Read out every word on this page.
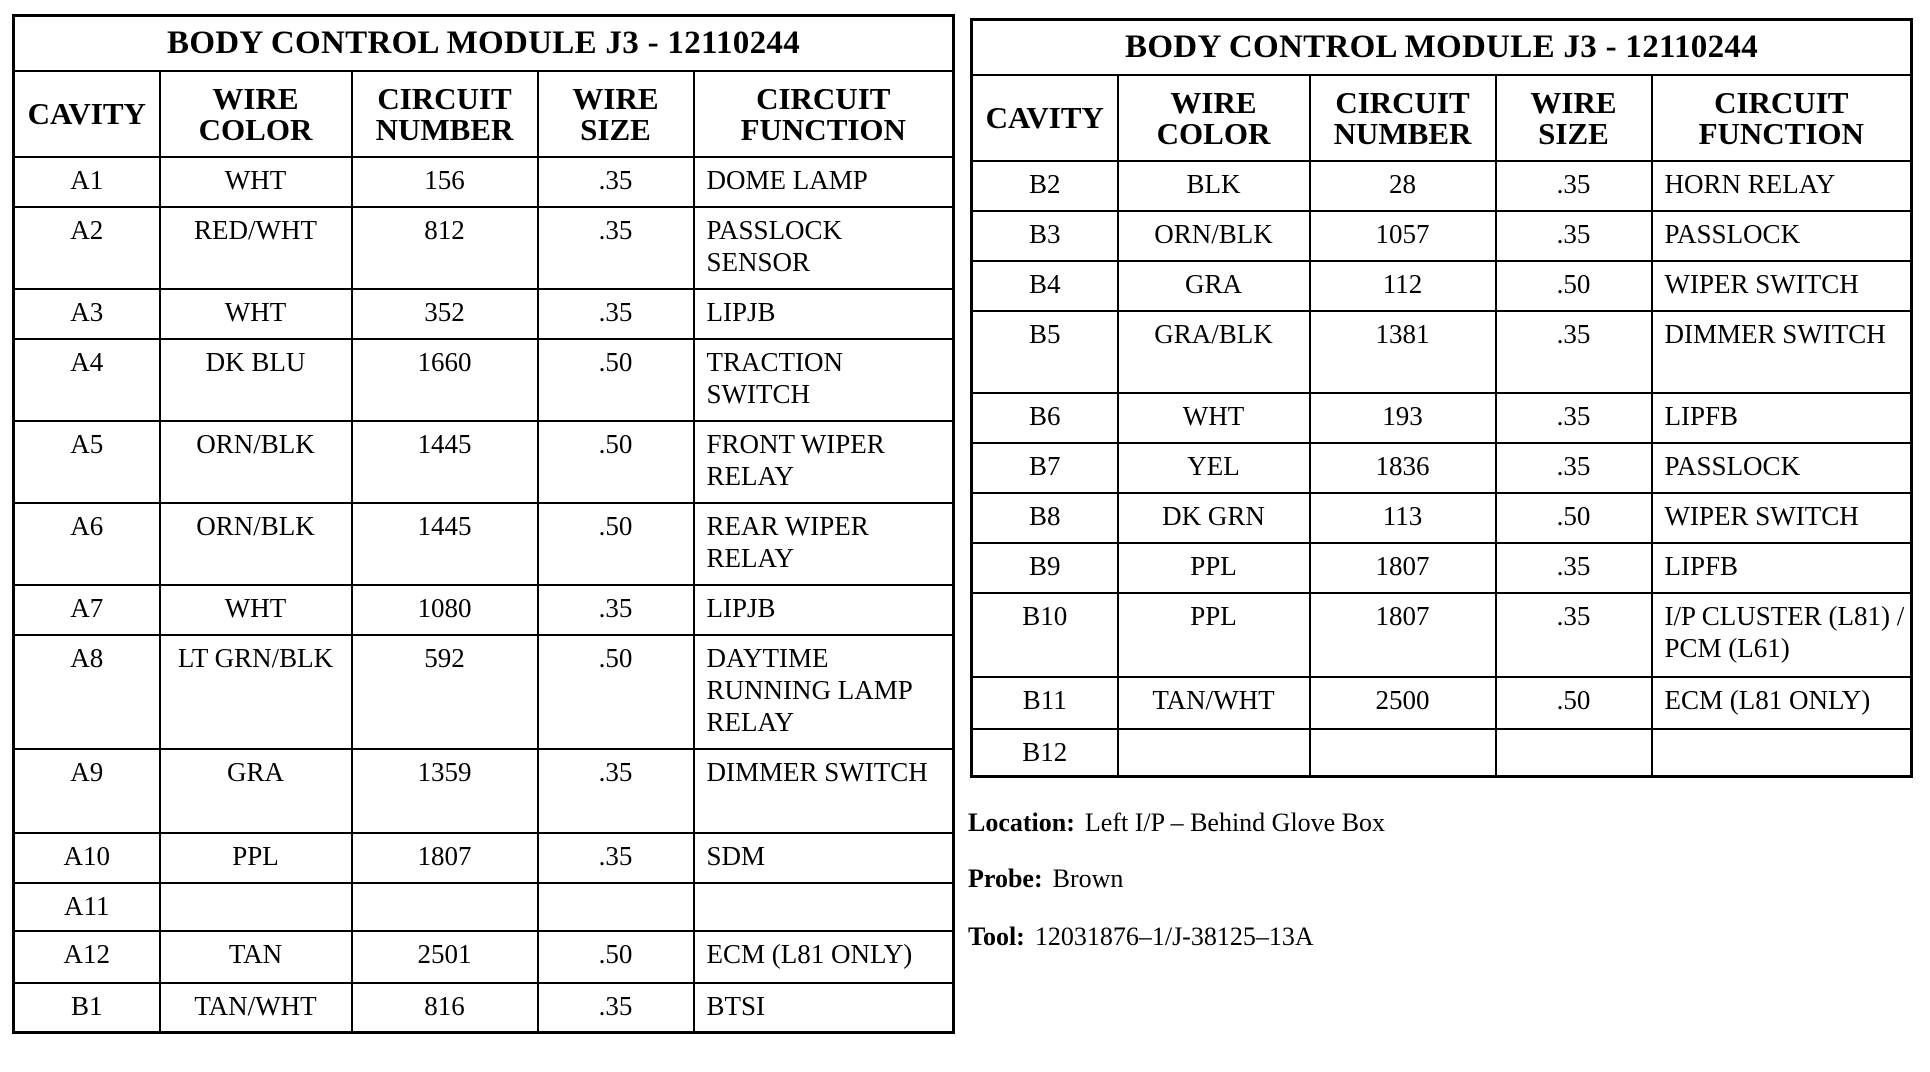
BODY CONTROL MODULE J3 - 12110244				
CAVITY	WIRE COLOR	CIRCUIT NUMBER	WIRE SIZE	CIRCUIT FUNCTION
A1	WHT	156	.35	DOME LAMP
A2	RED/WHT	812	.35	PASSLOCK SENSOR
A3	WHT	352	.35	LIPJB
A4	DK BLU	1660	.50	TRACTION SWITCH
A5	ORN/BLK	1445	.50	FRONT WIPER RELAY
A6	ORN/BLK	1445	.50	REAR WIPER RELAY
A7	WHT	1080	.35	LIPJB
A8	LT GRN/BLK	592	.50	DAYTIME RUNNING LAMP RELAY
A9	GRA	1359	.35	DIMMER SWITCH
A10	PPL	1807	.35	SDM
A11				
A12	TAN	2501	.50	ECM (L81 ONLY)
B1	TAN/WHT	816	.35	BTSI
BODY CONTROL MODULE J3 - 12110244				
CAVITY	WIRE COLOR	CIRCUIT NUMBER	WIRE SIZE	CIRCUIT FUNCTION
B2	BLK	28	.35	HORN RELAY
B3	ORN/BLK	1057	.35	PASSLOCK
B4	GRA	112	.50	WIPER SWITCH
B5	GRA/BLK	1381	.35	DIMMER SWITCH
B6	WHT	193	.35	LIPFB
B7	YEL	1836	.35	PASSLOCK
B8	DK GRN	113	.50	WIPER SWITCH
B9	PPL	1807	.35	LIPFB
B10	PPL	1807	.35	I/P CLUSTER (L81) / PCM (L61)
B11	TAN/WHT	2500	.50	ECM (L81 ONLY)
B12				
Location: Left I/P – Behind Glove Box
Probe: Brown
Tool: 12031876–1/J-38125–13A
